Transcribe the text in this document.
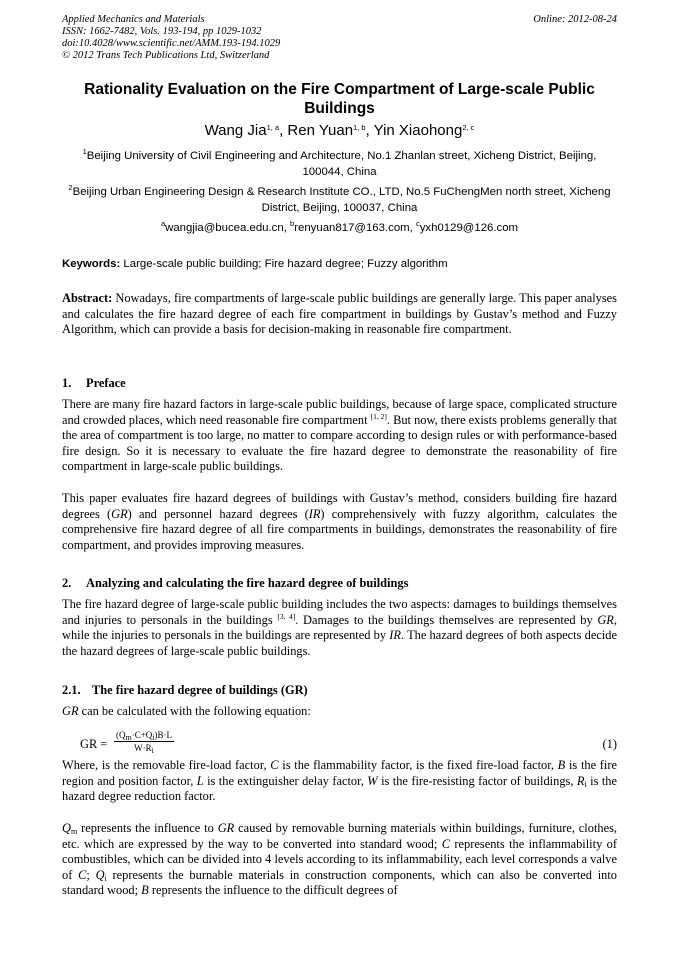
Applied Mechanics and Materials
ISSN: 1662-7482, Vols. 193-194, pp 1029-1032
doi:10.4028/www.scientific.net/AMM.193-194.1029
© 2012 Trans Tech Publications Ltd, Switzerland
Online: 2012-08-24
Rationality Evaluation on the Fire Compartment of Large-scale Public Buildings
Wang Jia$^{1, a}$, Ren Yuan$^{1, b}$, Yin Xiaohong$^{2, c}$
$^1$Beijing University of Civil Engineering and Architecture, No.1 Zhanlan street, Xicheng District, Beijing, 100044, China
$^2$Beijing Urban Engineering Design & Research Institute CO., LTD, No.5 FuChengMen north street, Xicheng District, Beijing, 100037, China
$^a$wangjia@bucea.edu.cn, $^b$renyuan817@163.com, $^c$yxh0129@126.com
Keywords: Large-scale public building; Fire hazard degree; Fuzzy algorithm
Abstract: Nowadays, fire compartments of large-scale public buildings are generally large. This paper analyses and calculates the fire hazard degree of each fire compartment in buildings by Gustav’s method and Fuzzy Algorithm, which can provide a basis for decision-making in reasonable fire compartment.
1. Preface
There are many fire hazard factors in large-scale public buildings, because of large space, complicated structure and crowded places, which need reasonable fire compartment [1, 2]. But now, there exists problems generally that the area of compartment is too large, no matter to compare according to design rules or with performance-based fire design. So it is necessary to evaluate the fire hazard degree to demonstrate the reasonability of fire compartment in large-scale public buildings.
This paper evaluates fire hazard degrees of buildings with Gustav’s method, considers building fire hazard degrees (GR) and personnel hazard degrees (IR) comprehensively with fuzzy algorithm, calculates the comprehensive fire hazard degree of all fire compartments in buildings, demonstrates the reasonability of fire compartment, and provides improving measures.
2. Analyzing and calculating the fire hazard degree of buildings
The fire hazard degree of large-scale public building includes the two aspects: damages to buildings themselves and injuries to personals in the buildings [3, 4]. Damages to the buildings themselves are represented by GR, while the injuries to personals in the buildings are represented by IR. The hazard degrees of both aspects decide the hazard degrees of large-scale public buildings.
2.1. The fire hazard degree of buildings (GR)
GR can be calculated with the following equation:
GR = $\frac{(Q_m\cdot C+Q_i)B\cdot L}{W\cdot R_i}$	(1)
Where, is the removable fire-load factor, C is the flammability factor, is the fixed fire-load factor, B is the fire region and position factor, L is the extinguisher delay factor, W is the fire-resisting factor of buildings, $R_i$ is the hazard degree reduction factor.
$Q_m$ represents the influence to GR caused by removable burning materials within buildings, furniture, clothes, etc. which are expressed by the way to be converted into standard wood; C represents the inflammability of combustibles, which can be divided into 4 levels according to its inflammability, each level corresponds a valve of C; $Q_i$ represents the burnable materials in construction components, which can also be converted into standard wood; B represents the influence to the difficult degrees of
